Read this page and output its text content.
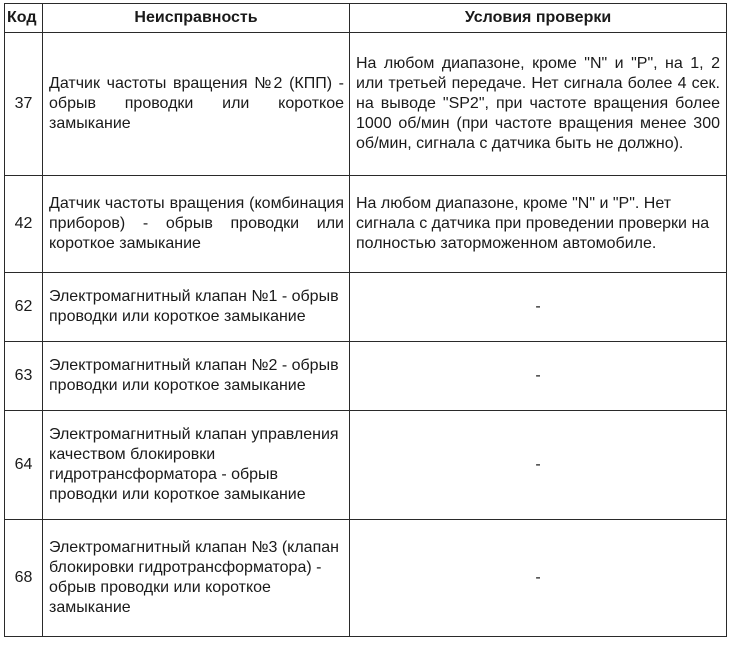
Код	Неисправность	Условия проверки
37	Датчик частоты вращения №2 (КПП) - обрыв проводки или короткое замыкание	На любом диапазоне, кроме "N" и "P", на 1, 2 или третьей передаче. Нет сигнала более 4 сек. на выводе "SP2", при частоте вращения более 1000 об/мин (при частоте вращения менее 300 об/мин, сигнала с датчика быть не должно).
42	Датчик частоты вращения (комбинация приборов) - обрыв проводки или короткое замыкание	На любом диапазоне, кроме "N" и "P". Нет сигнала с датчика при проведении проверки на полностью заторможенном автомобиле.
62	Электромагнитный клапан №1 - обрыв проводки или короткое замыкание	-
63	Электромагнитный клапан №2 - обрыв проводки или короткое замыкание	-
64	Электромагнитный клапан управления качеством блокировки гидротрансформатора - обрыв проводки или короткое замыкание	-
68	Электромагнитный клапан №3 (клапан блокировки гидротрансформатора) - обрыв проводки или короткое замыкание	-
